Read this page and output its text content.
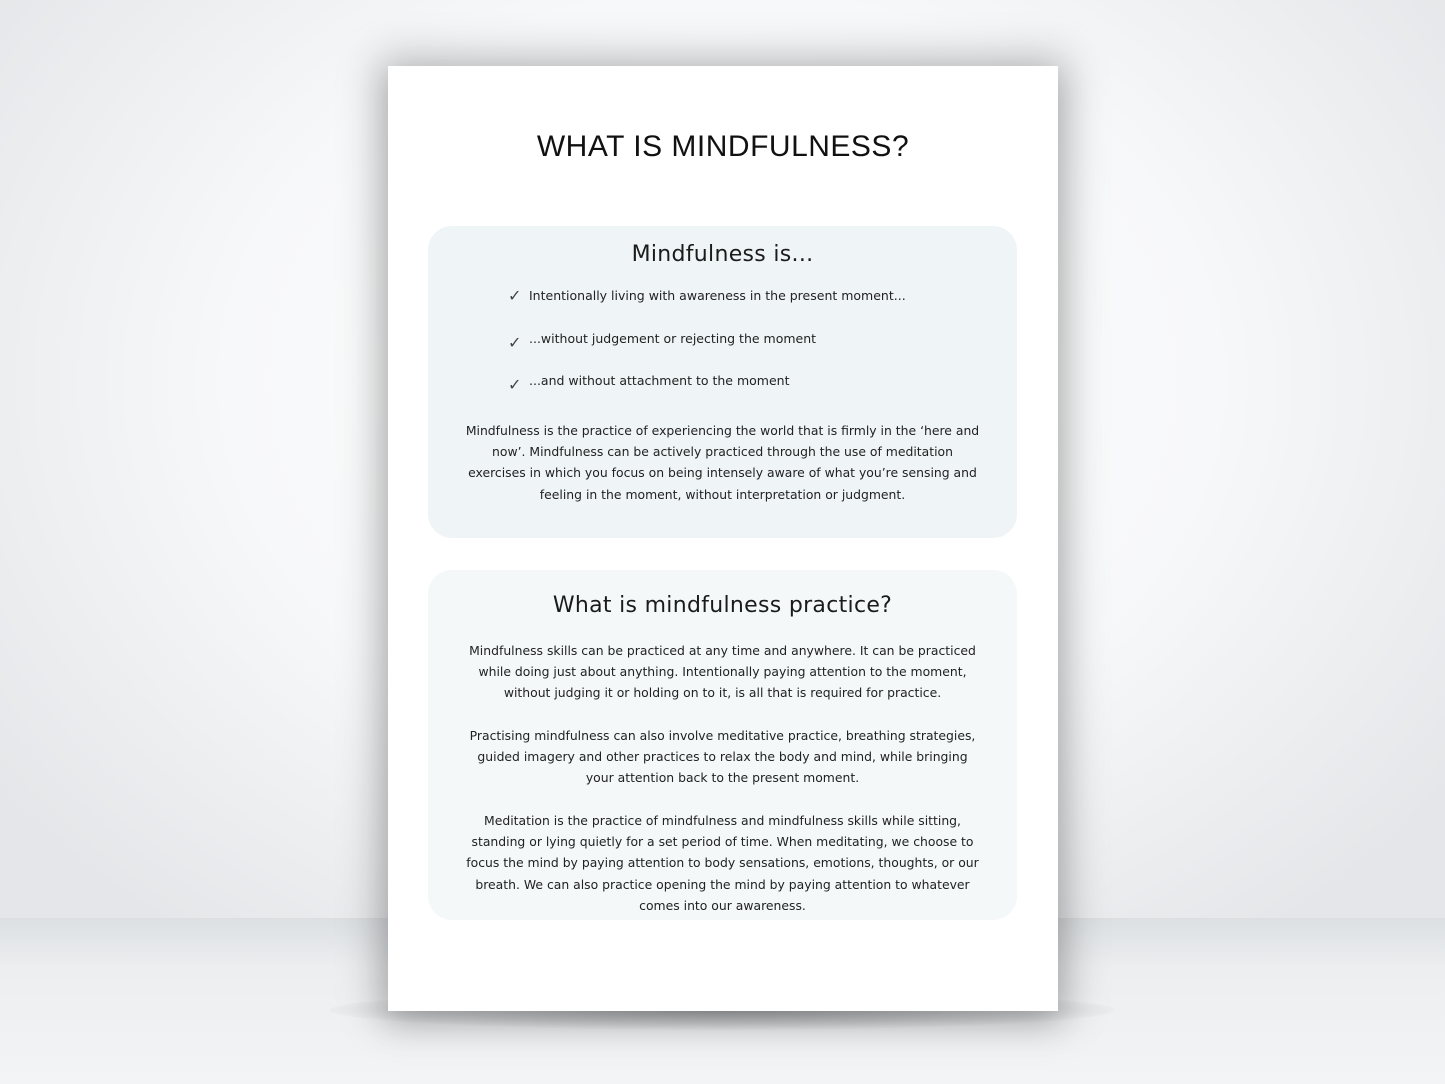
WHAT IS MINDFULNESS?
Mindfulness is...
✓ Intentionally living with awareness in the present moment...
✓ ...without judgement or rejecting the moment
✓ ...and without attachment to the moment

Mindfulness is the practice of experiencing the world that is firmly in the ‘here and now’. Mindfulness can be actively practiced through the use of meditation exercises in which you focus on being intensely aware of what you’re sensing and feeling in the moment, without interpretation or judgment.

What is mindfulness practice?

Mindfulness skills can be practiced at any time and anywhere. It can be practiced while doing just about anything. Intentionally paying attention to the moment, without judging it or holding on to it, is all that is required for practice.

Practising mindfulness can also involve meditative practice, breathing strategies, guided imagery and other practices to relax the body and mind, while bringing your attention back to the present moment.

Meditation is the practice of mindfulness and mindfulness skills while sitting, standing or lying quietly for a set period of time. When meditating, we choose to focus the mind by paying attention to body sensations, emotions, thoughts, or our breath. We can also practice opening the mind by paying attention to whatever comes into our awareness.
